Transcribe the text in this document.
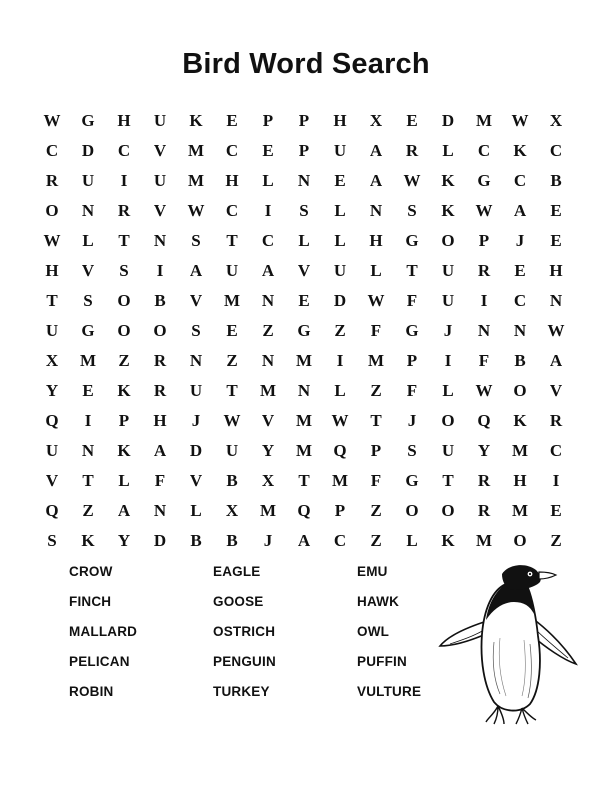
Bird Word Search
W	G	H	U	K	E	P	P	H	X	E	D	M	W	X
C	D	C	V	M	C	E	P	U	A	R	L	C	K	C
R	U	I	U	M	H	L	N	E	A	W	K	G	C	B
O	N	R	V	W	C	I	S	L	N	S	K	W	A	E
W	L	T	N	S	T	C	L	L	H	G	O	P	J	E
H	V	S	I	A	U	A	V	U	L	T	U	R	E	H
T	S	O	B	V	M	N	E	D	W	F	U	I	C	N
U	G	O	O	S	E	Z	G	Z	F	G	J	N	N	W
X	M	Z	R	N	Z	N	M	I	M	P	I	F	B	A
Y	E	K	R	U	T	M	N	L	Z	F	L	W	O	V
Q	I	P	H	J	W	V	M	W	T	J	O	Q	K	R
U	N	K	A	D	U	Y	M	Q	P	S	U	Y	M	C
V	T	L	F	V	B	X	T	M	F	G	T	R	H	I
Q	Z	A	N	L	X	M	Q	P	Z	O	O	R	M	E
S	K	Y	D	B	B	J	A	C	Z	L	K	M	O	Z
CROW	EAGLE	EMU
FINCH	GOOSE	HAWK
MALLARD	OSTRICH	OWL
PELICAN	PENGUIN	PUFFIN
ROBIN	TURKEY	VULTURE
